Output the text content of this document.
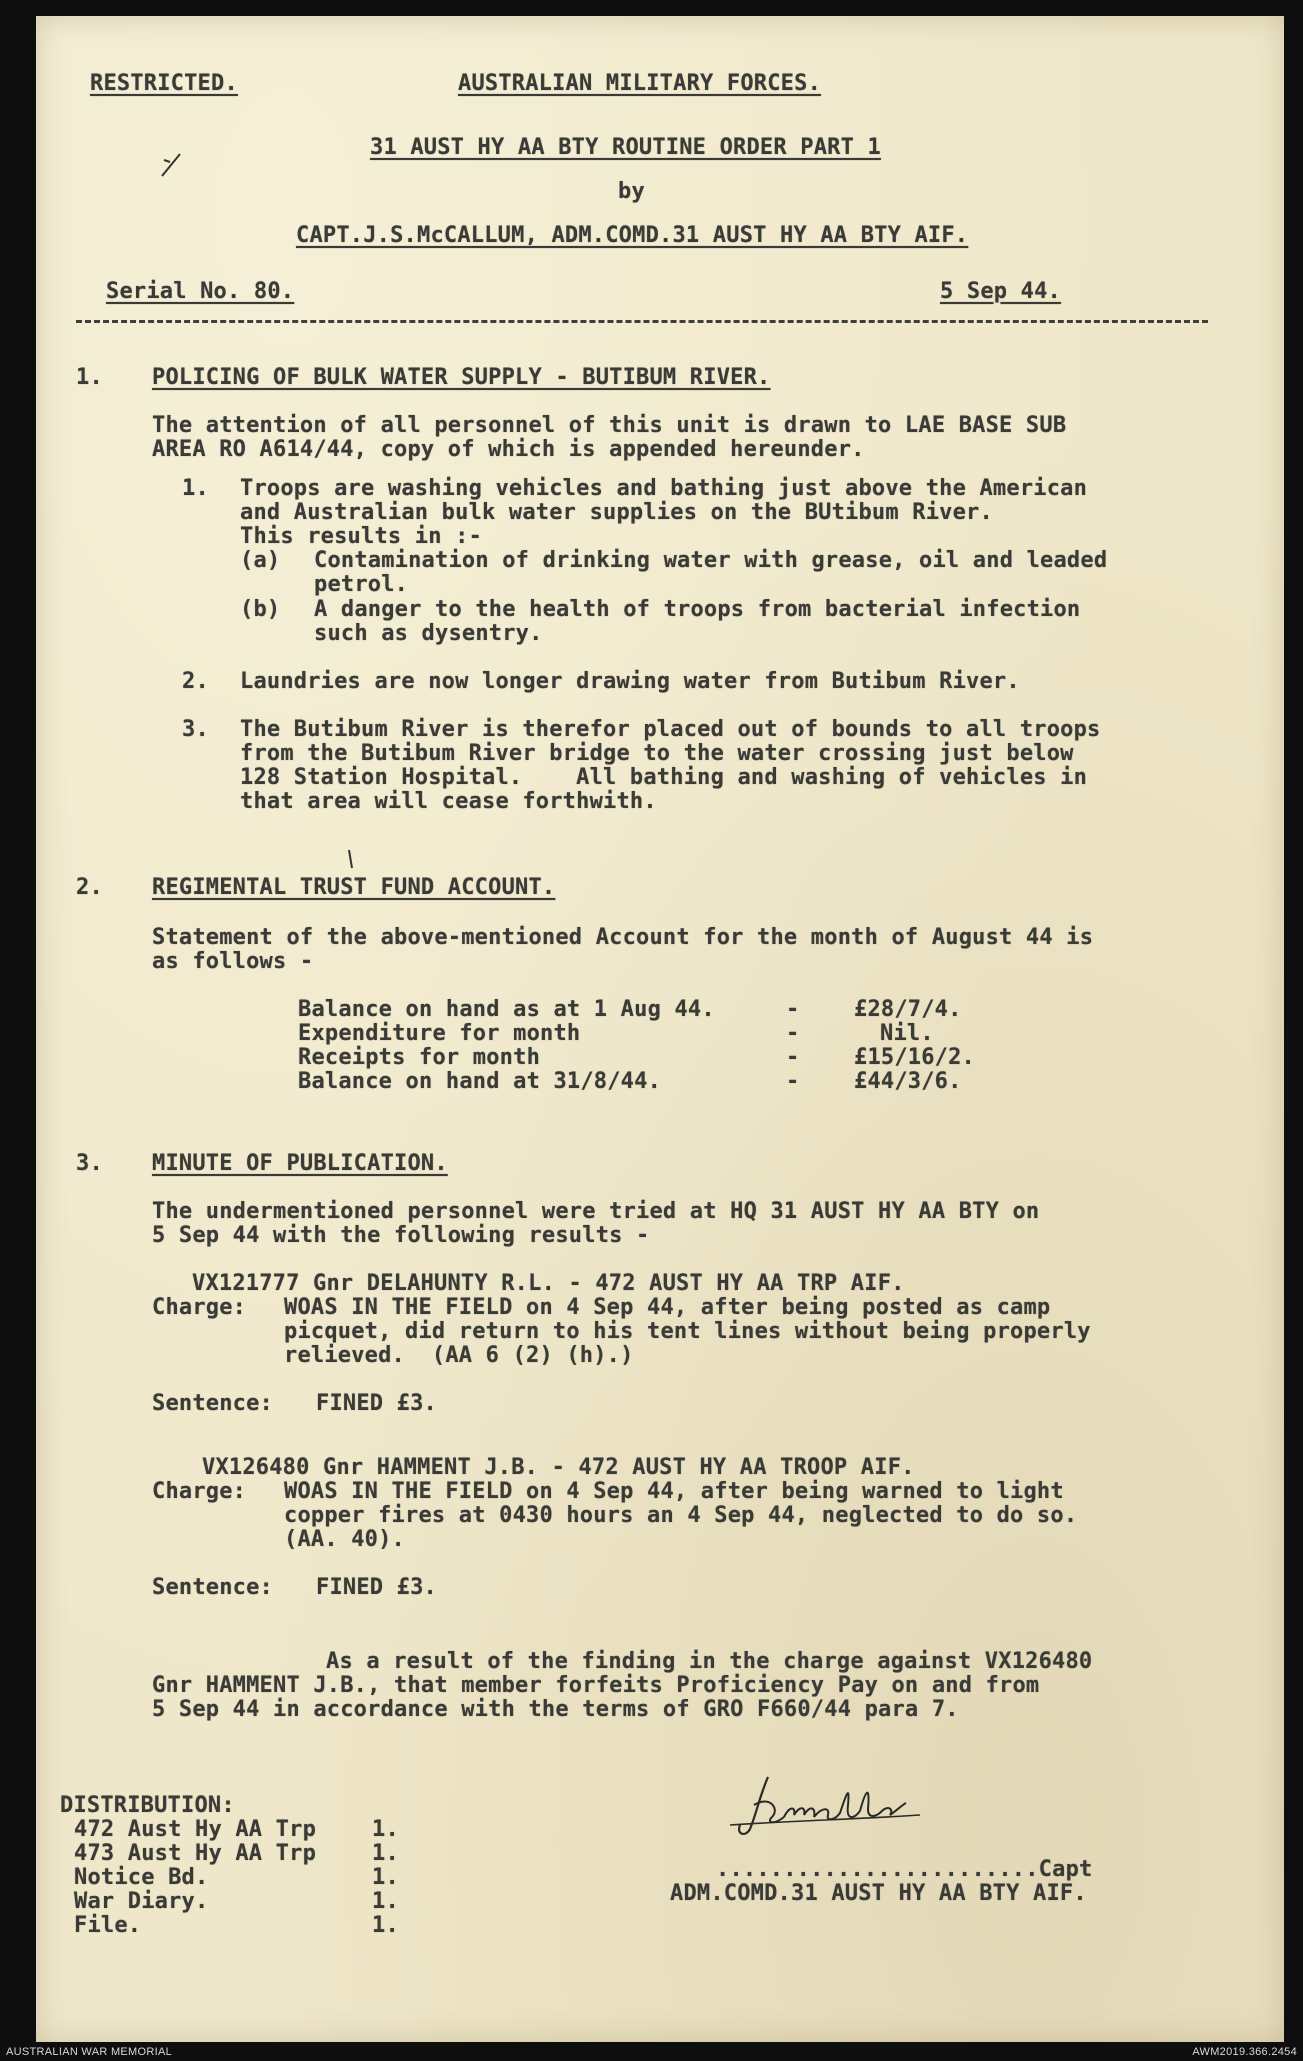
RESTRICTED.	AUSTRALIAN MILITARY FORCES.
31 AUST HY AA BTY ROUTINE ORDER PART 1
by
CAPT.J.S.McCALLUM, ADM.COMD.31 AUST HY AA BTY AIF.
Serial No. 80.	5 Sep 44.
1. POLICING OF BULK WATER SUPPLY - BUTIBUM RIVER.
The attention of all personnel of this unit is drawn to LAE BASE SUB
AREA RO A614/44, copy of which is appended hereunder.
1. Troops are washing vehicles and bathing just above the American
and Australian bulk water supplies on the BUtibum River.
This results in :-
(a) Contamination of drinking water with grease, oil and leaded
petrol.
(b) A danger to the health of troops from bacterial infection
such as dysentry.
2. Laundries are now longer drawing water from Butibum River.
3. The Butibum River is therefor placed out of bounds to all troops
from the Butibum River bridge to the water crossing just below
128 Station Hospital.    All bathing and washing of vehicles in
that area will cease forthwith.
2. REGIMENTAL TRUST FUND ACCOUNT.
Statement of the above-mentioned Account for the month of August 44 is
as follows -
Balance on hand as at 1 Aug 44.	- £28/7/4.
Expenditure for month	-	Nil.
Receipts for month	- £15/16/2.
Balance on hand at 31/8/44.	- £44/3/6.
3. MINUTE OF PUBLICATION.
The undermentioned personnel were tried at HQ 31 AUST HY AA BTY on
5 Sep 44 with the following results -
VX121777 Gnr DELAHUNTY R.L. - 472 AUST HY AA TRP AIF.
Charge: WOAS IN THE FIELD on 4 Sep 44, after being posted as camp
picquet, did return to his tent lines without being properly
relieved.  (AA 6 (2) (h).)
Sentence: FINED £3.
VX126480 Gnr HAMMENT J.B. - 472 AUST HY AA TROOP AIF.
Charge: WOAS IN THE FIELD on 4 Sep 44, after being warned to light
copper fires at 0430 hours an 4 Sep 44, neglected to do so.
(AA. 40).
Sentence: FINED £3.
As a result of the finding in the charge against VX126480
Gnr HAMMENT J.B., that member forfeits Proficiency Pay on and from
5 Sep 44 in accordance with the terms of GRO F660/44 para 7.
DISTRIBUTION:
472 Aust Hy AA Trp	1.
473 Aust Hy AA Trp	1.
Notice Bd.	1.
War Diary.	1.
File.	1.
........................Capt
ADM.COMD.31 AUST HY AA BTY AIF.
AUSTRALIAN WAR MEMORIAL	AWM2019.366.2454
